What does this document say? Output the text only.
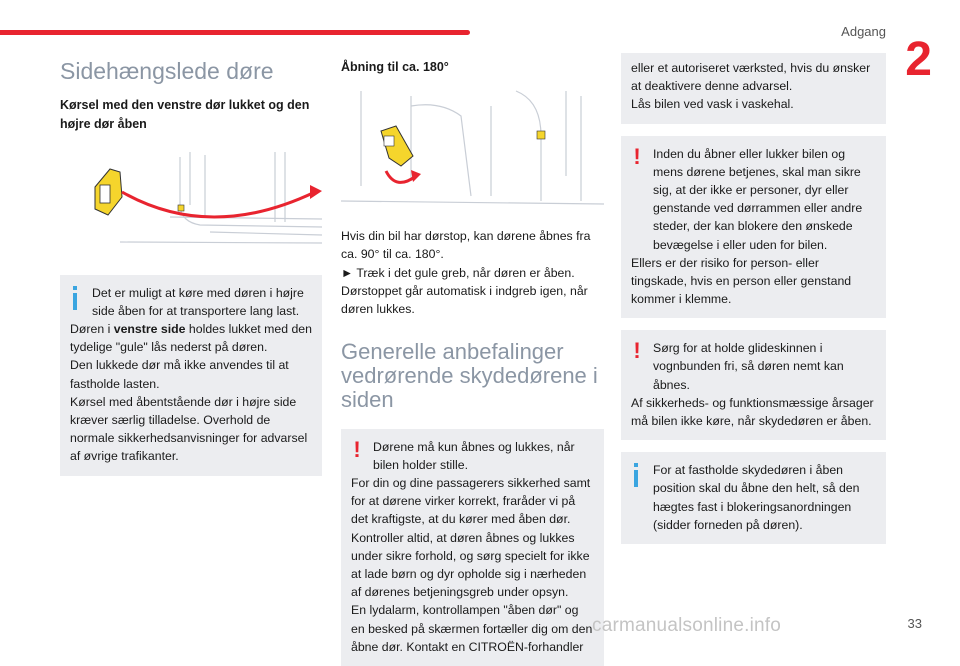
Adgang
2
Sidehængslede døre
Kørsel med den venstre dør lukket og den højre dør åben
Det er muligt at køre med døren i højre side åben for at transportere lang last.
Døren i venstre side holdes lukket med den tydelige "gule" lås nederst på døren.
Den lukkede dør må ikke anvendes til at fastholde lasten.
Kørsel med åbentstående dør i højre side kræver særlig tilladelse. Overhold de normale sikkerhedsanvisninger for advarsel af øvrige trafikanter.
Åbning til ca. 180°

Hvis din bil har dørstop, kan dørene åbnes fra ca. 90° til ca. 180°.

► Træk i det gule greb, når døren er åben.

Dørstoppet går automatisk i indgreb igen, når døren lukkes.

Generelle anbefalinger vedrørende skydedørene i siden
!	Dørene må kun åbnes og lukkes, når bilen holder stille.
For din og dine passagerers sikkerhed samt for at dørene virker korrekt, fraråder vi på det kraftigste, at du kører med åben dør.
Kontroller altid, at døren åbnes og lukkes under sikre forhold, og sørg specielt for ikke at lade børn og dyr opholde sig i nærheden af dørenes betjeningsgreb under opsyn.
En lydalarm, kontrollampen "åben dør" og en besked på skærmen fortæller dig om den åbne dør. Kontakt en CITROËN-forhandler
eller et autoriseret værksted, hvis du ønsker at deaktivere denne advarsel.
Lås bilen ved vask i vaskehal.
!	Inden du åbner eller lukker bilen og mens dørene betjenes, skal man sikre sig, at der ikke er personer, dyr eller genstande ved dørrammen eller andre steder, der kan blokere den ønskede bevægelse i eller uden for bilen.
Ellers er der risiko for person- eller tingskade, hvis en person eller genstand kommer i klemme.
!	Sørg for at holde glideskinnen i vognbunden fri, så døren nemt kan åbnes.
Af sikkerheds- og funktionsmæssige årsager må bilen ikke køre, når skydedøren er åben.
For at fastholde skydedøren i åben position skal du åbne den helt, så den hægtes fast i blokeringsanordningen (sidder forneden på døren).
carmanualsonline.info	33
